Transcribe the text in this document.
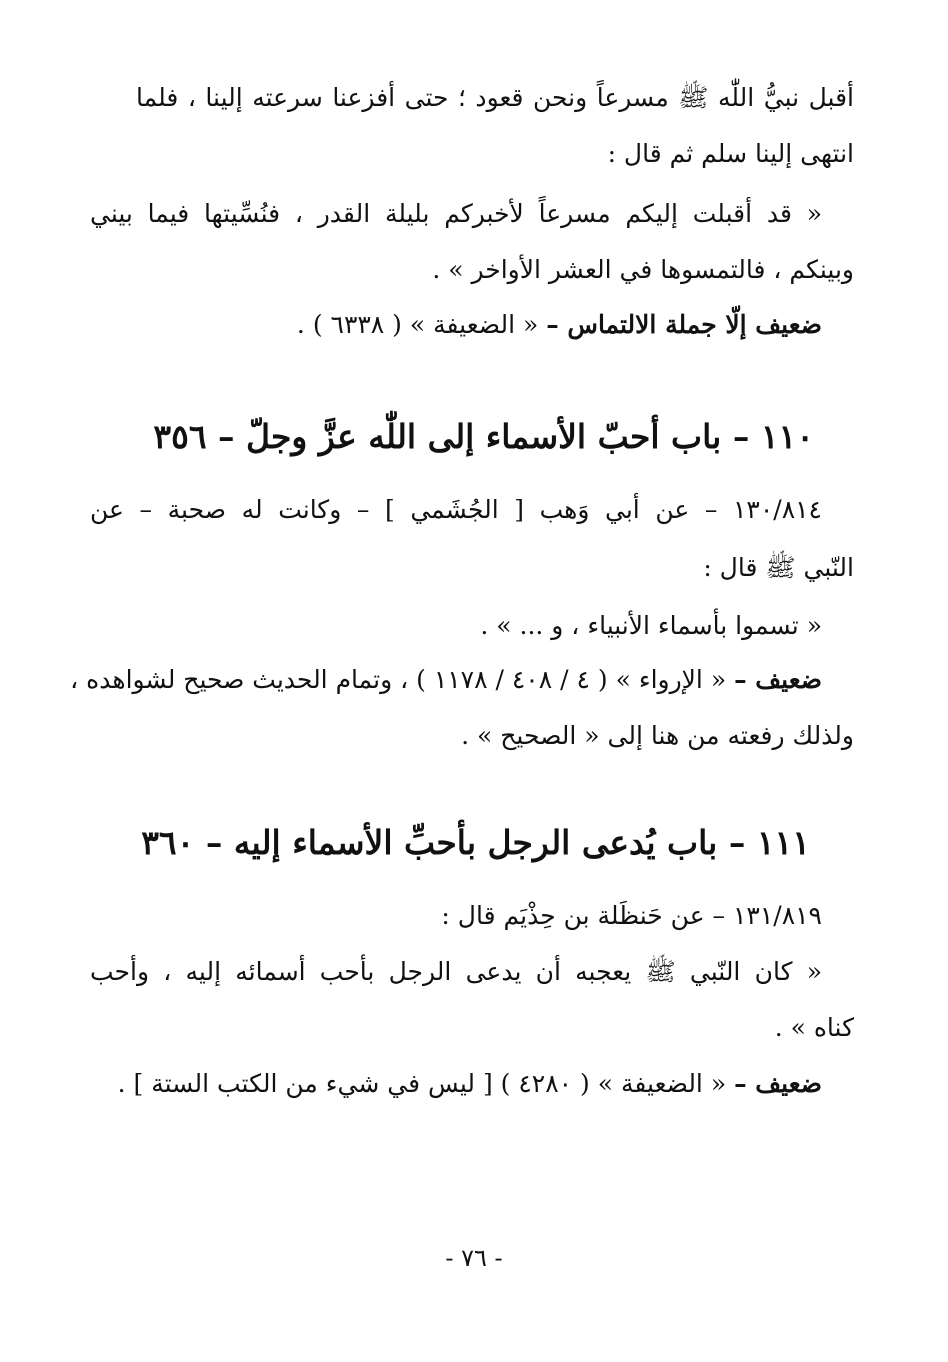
أقبل نبيُّ اللّٰه ﷺ مسرعاً ونحن قعود ؛ حتى أفزعنا سرعته إلينا ، فلما
انتهى إلينا سلم ثم قال :
« قد أقبلت إليكم مسرعاً لأخبركم بليلة القدر ، فنُسِّيتها فيما بيني
وبينكم ، فالتمسوها في العشر الأواخر » .
ضعيف إلّا جملة الالتماس – « الضعيفة » ( ٦٣٣٨ ) .
١١٠ – باب أحبّ الأسماء إلى اللّٰه عزَّ وجلّ – ٣٥٦
١٣٠/٨١٤ – عن أبي وَهب [ الجُشَمي ] – وكانت له صحبة – عن
النّبي ﷺ قال :
« تسموا بأسماء الأنبياء ، و ... » .
ضعيف – « الإرواء » ( ٤ / ٤٠٨ / ١١٧٨ ) ، وتمام الحديث صحيح لشواهده ،
ولذلك رفعته من هنا إلى « الصحيح » .
١١١ – باب يُدعى الرجل بأحبِّ الأسماء إليه – ٣٦٠
١٣١/٨١٩ – عن حَنظَلة بن حِذْيَم قال :
« كان النّبي ﷺ يعجبه أن يدعى الرجل بأحب أسمائه إليه ، وأحب
كناه » .
ضعيف – « الضعيفة » ( ٤٢٨٠ ) [ ليس في شيء من الكتب الستة ] .
- ٧٦ -
